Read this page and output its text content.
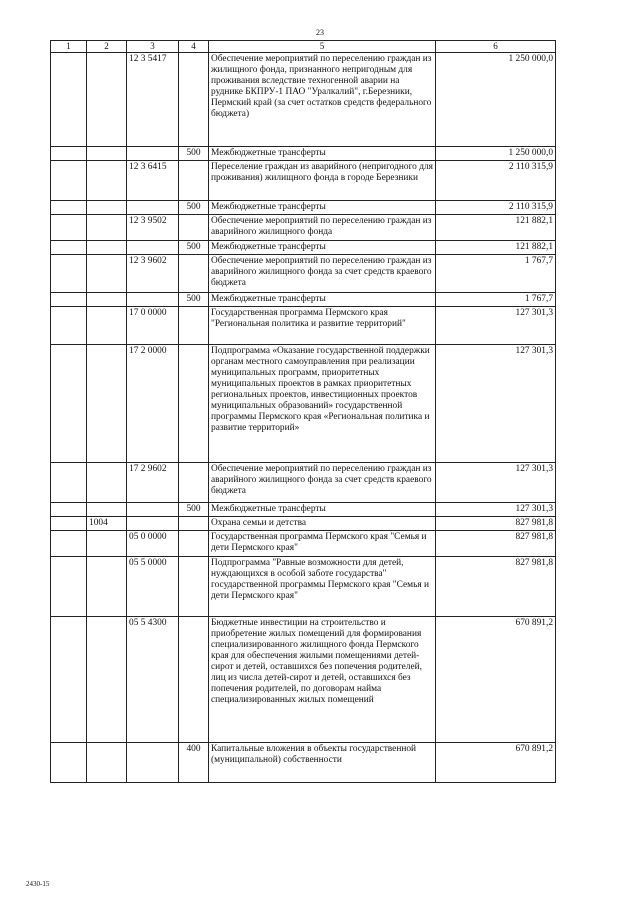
23
1	2	3	4	5	6
		12 3 5417		Обеспечение мероприятий по переселению граждан из жилищного фонда, признанного непригодным для проживания вследствие техногенной аварии на руднике БКПРУ-1 ПАО "Уралкалий", г.Березники, Пермский край (за счет остатков средств федерального бюджета)	1 250 000,0
			500	Межбюджетные трансферты	1 250 000,0
		12 3 6415		Переселение граждан из аварийного (непригодного для проживания) жилищного фонда в городе Березники	2 110 315,9
			500	Межбюджетные трансферты	2 110 315,9
		12 3 9502		Обеспечение мероприятий по переселению граждан из аварийного жилищного фонда	121 882,1
			500	Межбюджетные трансферты	121 882,1
		12 3 9602		Обеспечение мероприятий по переселению граждан из аварийного жилищного фонда за счет средств краевого бюджета	1 767,7
			500	Межбюджетные трансферты	1 767,7
		17 0 0000		Государственная программа Пермского края "Региональная политика и развитие территорий"	127 301,3
		17 2 0000		Подпрограмма «Оказание государственной поддержки органам местного самоуправления при реализации муниципальных программ, приоритетных муниципальных проектов в рамках приоритетных региональных проектов, инвестиционных проектов муниципальных образований» государственной программы Пермского края «Региональная политика и развитие территорий»	127 301,3
		17 2 9602		Обеспечение мероприятий по переселению граждан из аварийного жилищного фонда за счет средств краевого бюджета	127 301,3
			500	Межбюджетные трансферты	127 301,3
	1004			Охрана семьи и детства	827 981,8
		05 0 0000		Государственная программа Пермского края "Семья и дети Пермского края"	827 981,8
		05 5 0000		Подпрограмма "Равные возможности для детей, нуждающихся в особой заботе государства" государственной программы Пермского края "Семья и дети Пермского края"	827 981,8
		05 5 4300		Бюджетные инвестиции на строительство и приобретение жилых помещений для формирования специализированного жилищного фонда Пермского края для обеспечения жилыми помещениями детей-сирот и детей, оставшихся без попечения родителей, лиц из числа детей-сирот и детей, оставшихся без попечения родителей, по договорам найма специализированных жилых помещений	670 891,2
			400	Капитальные вложения в объекты государственной (муниципальной) собственности	670 891,2
2430-15
